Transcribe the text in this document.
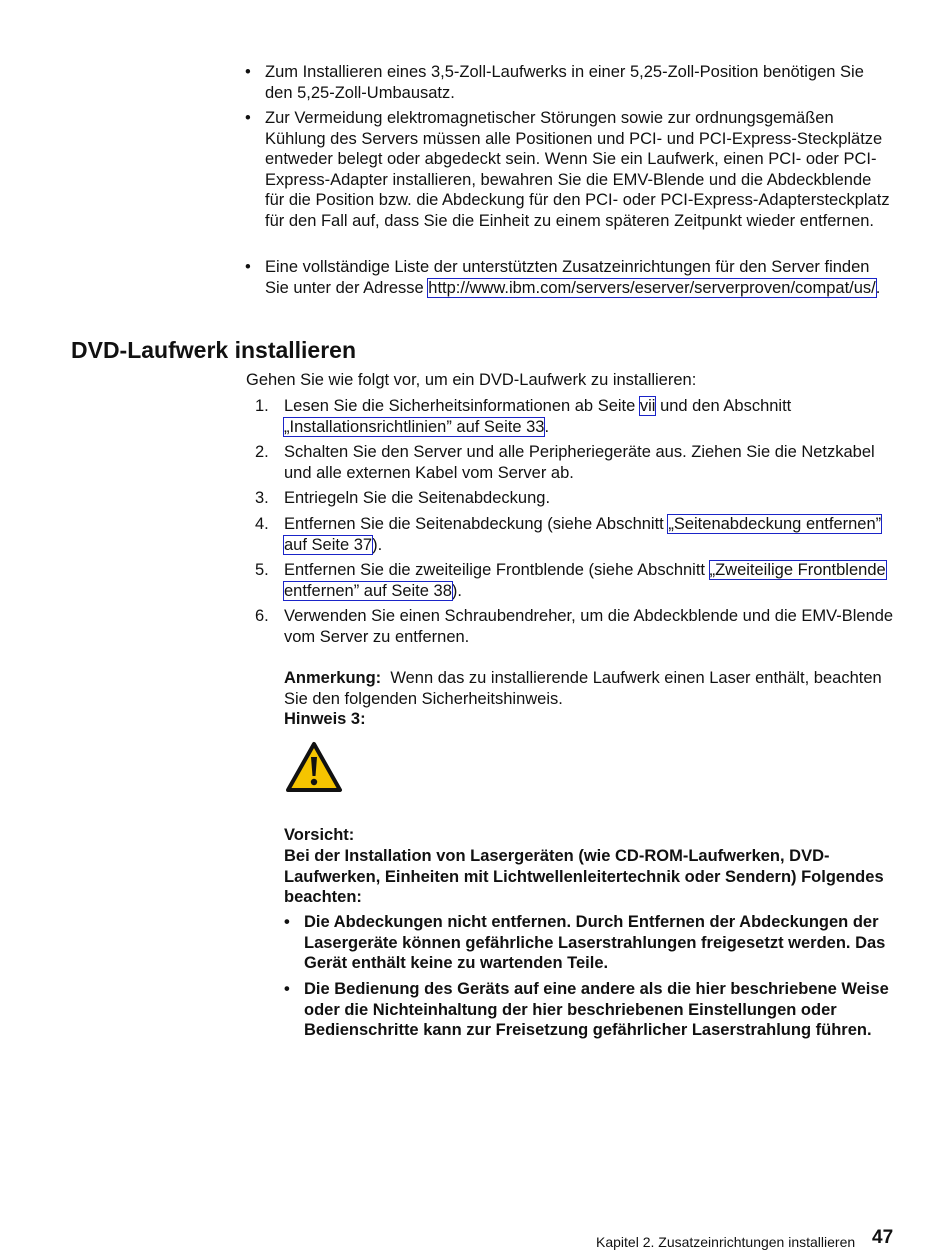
• Zum Installieren eines 3,5-Zoll-Laufwerks in einer 5,25-Zoll-Position benötigen Sie den 5,25-Zoll-Umbausatz.

• Zur Vermeidung elektromagnetischer Störungen sowie zur ordnungsgemäßen Kühlung des Servers müssen alle Positionen und PCI- und PCI-Express-Steckplätze entweder belegt oder abgedeckt sein. Wenn Sie ein Laufwerk, einen PCI- oder PCI-Express-Adapter installieren, bewahren Sie die EMV-Blende und die Abdeckblende für die Position bzw. die Abdeckung für den PCI- oder PCI-Express-Adaptersteckplatz für den Fall auf, dass Sie die Einheit zu einem späteren Zeitpunkt wieder entfernen.

• Eine vollständige Liste der unterstützten Zusatzeinrichtungen für den Server finden Sie unter der Adresse http://www.ibm.com/servers/eserver/serverproven/compat/us/.

DVD-Laufwerk installieren

Gehen Sie wie folgt vor, um ein DVD-Laufwerk zu installieren:

1. Lesen Sie die Sicherheitsinformationen ab Seite vii und den Abschnitt „Installationsrichtlinien” auf Seite 33.

2. Schalten Sie den Server und alle Peripheriegeräte aus. Ziehen Sie die Netzkabel und alle externen Kabel vom Server ab.

3. Entriegeln Sie die Seitenabdeckung.

4. Entfernen Sie die Seitenabdeckung (siehe Abschnitt „Seitenabdeckung entfernen” auf Seite 37).

5. Entfernen Sie die zweiteilige Frontblende (siehe Abschnitt „Zweiteilige Frontblende entfernen” auf Seite 38).

6. Verwenden Sie einen Schraubendreher, um die Abdeckblende und die EMV-Blende vom Server zu entfernen.

Anmerkung: Wenn das zu installierende Laufwerk einen Laser enthält, beachten Sie den folgenden Sicherheitshinweis.

Hinweis 3:

Vorsicht:

Bei der Installation von Lasergeräten (wie CD-ROM-Laufwerken, DVD-Laufwerken, Einheiten mit Lichtwellenleitertechnik oder Sendern) Folgendes beachten:

• Die Abdeckungen nicht entfernen. Durch Entfernen der Abdeckungen der Lasergeräte können gefährliche Laserstrahlungen freigesetzt werden. Das Gerät enthält keine zu wartenden Teile.

• Die Bedienung des Geräts auf eine andere als die hier beschriebene Weise oder die Nichteinhaltung der hier beschriebenen Einstellungen oder Bedienschritte kann zur Freisetzung gefährlicher Laserstrahlung führen.

Kapitel 2. Zusatzeinrichtungen installieren 47
